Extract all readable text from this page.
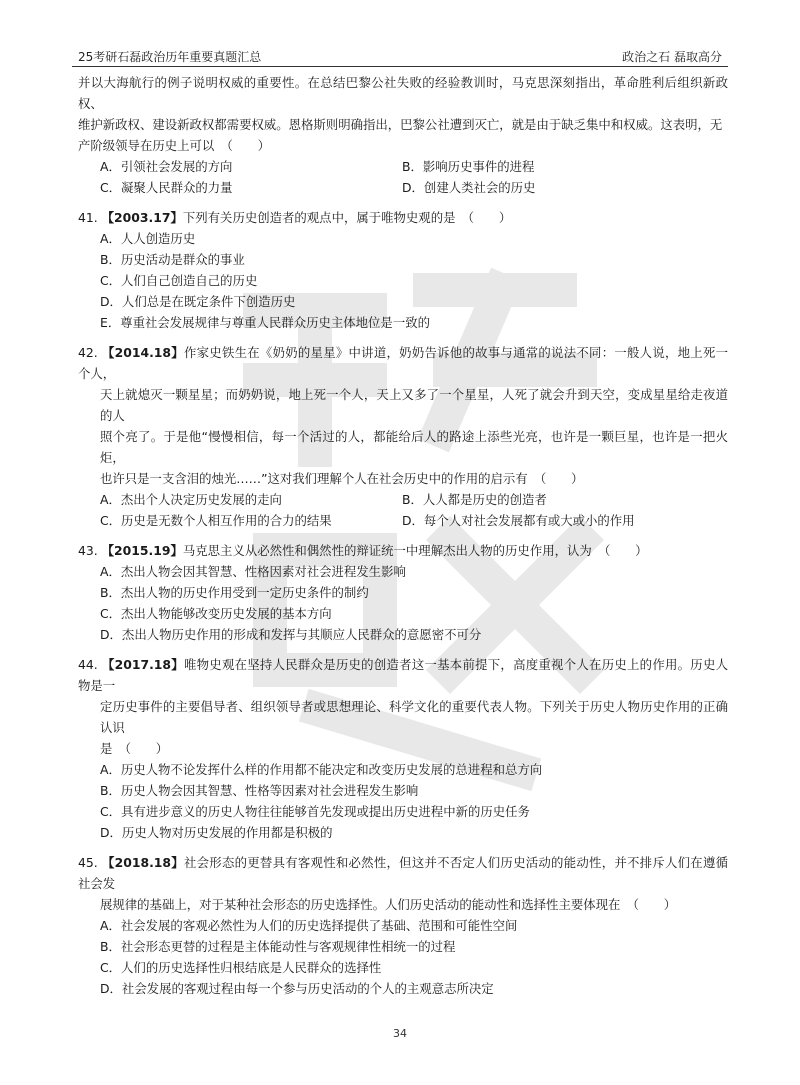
25考研石磊政治历年重要真题汇总	政治之石 磊取高分

并以大海航行的例子说明权威的重要性。在总结巴黎公社失败的经验教训时，马克思深刻指出，革命胜利后组织新政权、

维护新政权、建设新政权都需要权威。恩格斯则明确指出，巴黎公社遭到灭亡，就是由于缺乏集中和权威。这表明，无

产阶级领导在历史上可以　（　　）

A．引领社会发展的方向	B．影响历史事件的进程
C．凝聚人民群众的力量	D．创建人类社会的历史

41. 【2003.17】下列有关历史创造者的观点中，属于唯物史观的是　（　　）

A．人人创造历史

B．历史活动是群众的事业

C．人们自己创造自己的历史

D．人们总是在既定条件下创造历史

E．尊重社会发展规律与尊重人民群众历史主体地位是一致的

42. 【2014.18】作家史铁生在《奶奶的星星》中讲道，奶奶告诉他的故事与通常的说法不同：一般人说，地上死一个人，

天上就熄灭一颗星星；而奶奶说，地上死一个人，天上又多了一个星星，人死了就会升到天空，变成星星给走夜道的人

照个亮了。于是他“慢慢相信，每一个活过的人，都能给后人的路途上添些光亮，也许是一颗巨星，也许是一把火炬，

也许只是一支含泪的烛光……”这对我们理解个人在社会历史中的作用的启示有　（　　）

A．杰出个人决定历史发展的走向	B．人人都是历史的创造者
C．历史是无数个人相互作用的合力的结果	D．每个人对社会发展都有或大或小的作用

43. 【2015.19】马克思主义从必然性和偶然性的辩证统一中理解杰出人物的历史作用，认为　（　　）

A．杰出人物会因其智慧、性格因素对社会进程发生影响

B．杰出人物的历史作用受到一定历史条件的制约

C．杰出人物能够改变历史发展的基本方向

D．杰出人物历史作用的形成和发挥与其顺应人民群众的意愿密不可分

44. 【2017.18】唯物史观在坚持人民群众是历史的创造者这一基本前提下，高度重视个人在历史上的作用。历史人物是一

定历史事件的主要倡导者、组织领导者或思想理论、科学文化的重要代表人物。下列关于历史人物历史作用的正确认识

是　（　　）

A．历史人物不论发挥什么样的作用都不能决定和改变历史发展的总进程和总方向

B．历史人物会因其智慧、性格等因素对社会进程发生影响

C．具有进步意义的历史人物往往能够首先发现或提出历史进程中新的历史任务

D．历史人物对历史发展的作用都是积极的

45. 【2018.18】社会形态的更替具有客观性和必然性，但这并不否定人们历史活动的能动性，并不排斥人们在遵循社会发

展规律的基础上，对于某种社会形态的历史选择性。人们历史活动的能动性和选择性主要体现在　（　　）

A．社会发展的客观必然性为人们的历史选择提供了基础、范围和可能性空间

B．社会形态更替的过程是主体能动性与客观规律性相统一的过程

C．人们的历史选择性归根结底是人民群众的选择性

D．社会发展的客观过程由每一个参与历史活动的个人的主观意志所决定

34
